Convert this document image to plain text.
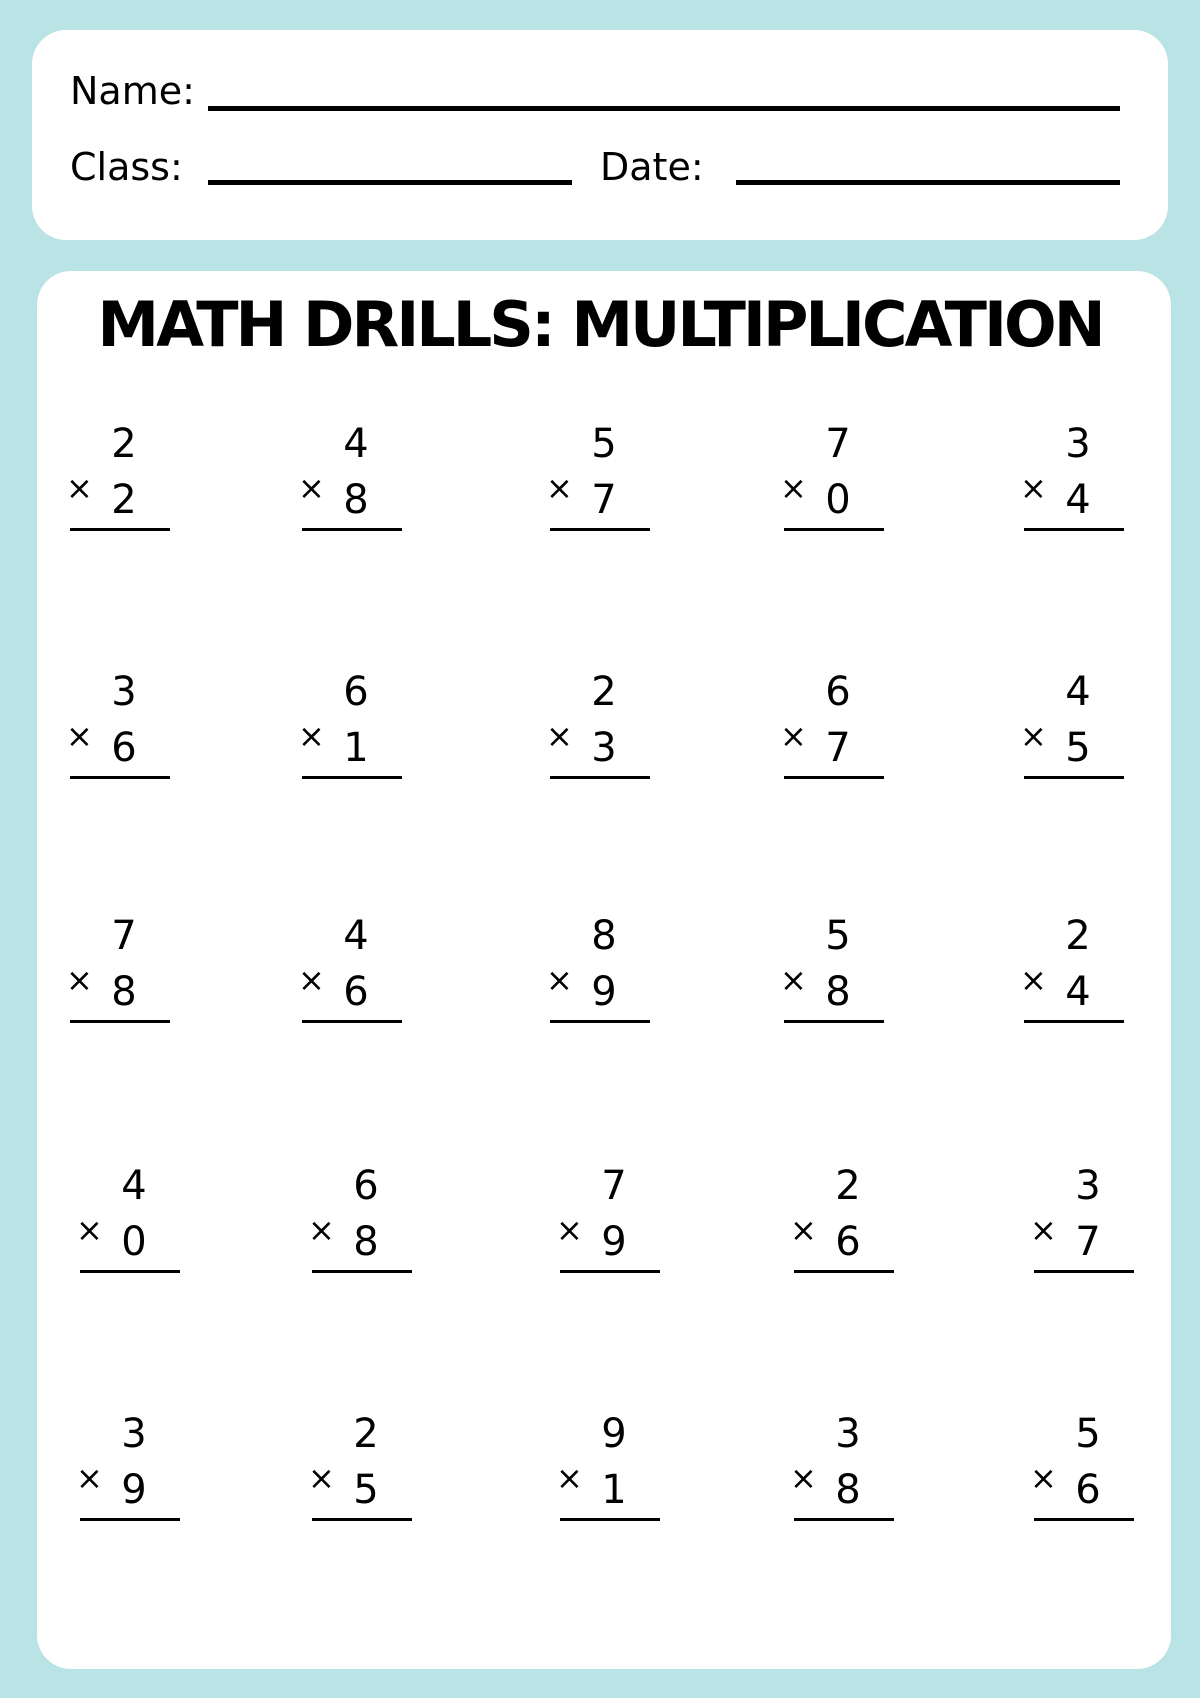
Name:
Class:	Date:
MATH DRILLS: MULTIPLICATION
2
× 2
4
× 8
5
× 7
7
× 0
3
× 4
3
× 6
6
× 1
2
× 3
6
× 7
4
× 5
7
× 8
4
× 6
8
× 9
5
× 8
2
× 4
4
× 0
6
× 8
7
× 9
2
× 6
3
× 7
3
× 9
2
× 5
9
× 1
3
× 8
5
× 6
